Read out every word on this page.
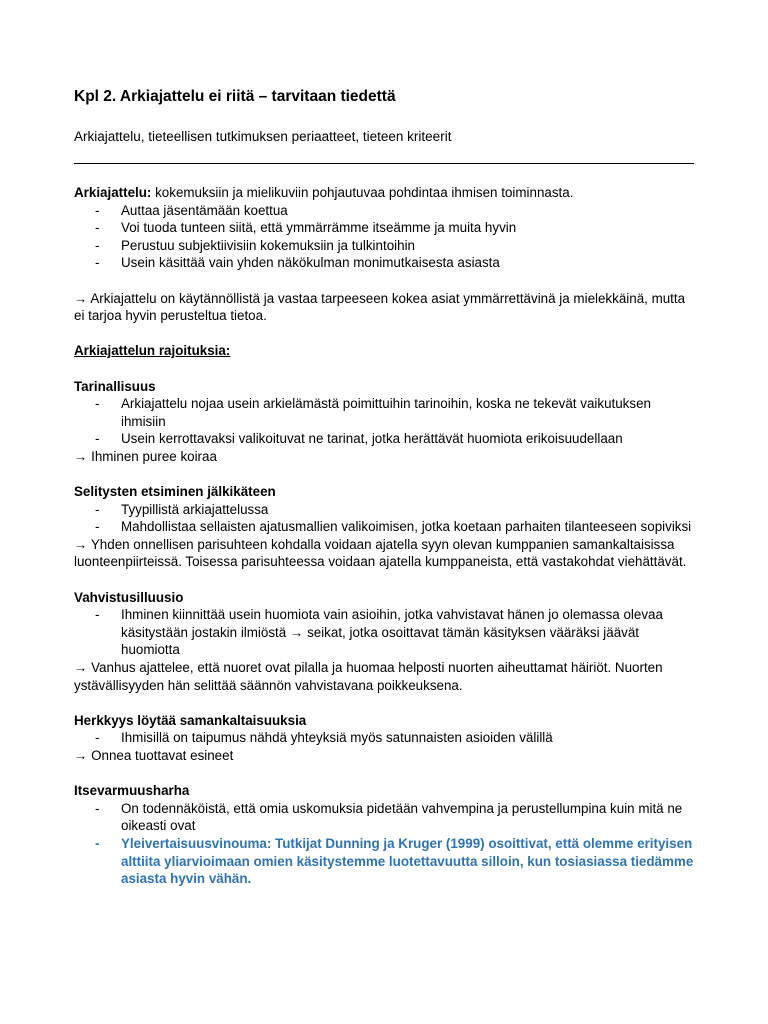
Kpl 2. Arkiajattelu ei riitä – tarvitaan tiedettä
Arkiajattelu, tieteellisen tutkimuksen periaatteet, tieteen kriteerit

Arkiajattelu: kokemuksiin ja mielikuviin pohjautuvaa pohdintaa ihmisen toiminnasta.

- Auttaa jäsentämään koettua
- Voi tuoda tunteen siitä, että ymmärrämme itseämme ja muita hyvin
- Perustuu subjektiivisiin kokemuksiin ja tulkintoihin
- Usein käsittää vain yhden näkökulman monimutkaisesta asiasta

→ Arkiajattelu on käytännöllistä ja vastaa tarpeeseen kokea asiat ymmärrettävinä ja mielekkäinä, mutta ei tarjoa hyvin perusteltua tietoa.

Arkiajattelun rajoituksia:

Tarinallisuus

- Arkiajattelu nojaa usein arkielämästä poimittuihin tarinoihin, koska ne tekevät vaikutuksen ihmisiin
- Usein kerrottavaksi valikoituvat ne tarinat, jotka herättävät huomiota erikoisuudellaan

→ Ihminen puree koiraa

Selitysten etsiminen jälkikäteen

- Tyypillistä arkiajattelussa
- Mahdollistaa sellaisten ajatusmallien valikoimisen, jotka koetaan parhaiten tilanteeseen sopiviksi

→ Yhden onnellisen parisuhteen kohdalla voidaan ajatella syyn olevan kumppanien samankaltaisissa luonteenpiirteissä. Toisessa parisuhteessa voidaan ajatella kumppaneista, että vastakohdat viehättävät.

Vahvistusilluusio

- Ihminen kiinnittää usein huomiota vain asioihin, jotka vahvistavat hänen jo olemassa olevaa käsitystään jostakin ilmiöstä → seikat, jotka osoittavat tämän käsityksen vääräksi jäävät huomiotta

→ Vanhus ajattelee, että nuoret ovat pilalla ja huomaa helposti nuorten aiheuttamat häiriöt. Nuorten ystävällisyyden hän selittää säännön vahvistavana poikkeuksena.

Herkkyys löytää samankaltaisuuksia

- Ihmisillä on taipumus nähdä yhteyksiä myös satunnaisten asioiden välillä

→ Onnea tuottavat esineet

Itsevarmuusharha

- On todennäköistä, että omia uskomuksia pidetään vahvempina ja perustellumpina kuin mitä ne oikeasti ovat
- Yleivertaisuusvinouma: Tutkijat Dunning ja Kruger (1999) osoittivat, että olemme erityisen alttiita yliarvioimaan omien käsitystemme luotettavuutta silloin, kun tosiasiassa tiedämme asiasta hyvin vähän.
